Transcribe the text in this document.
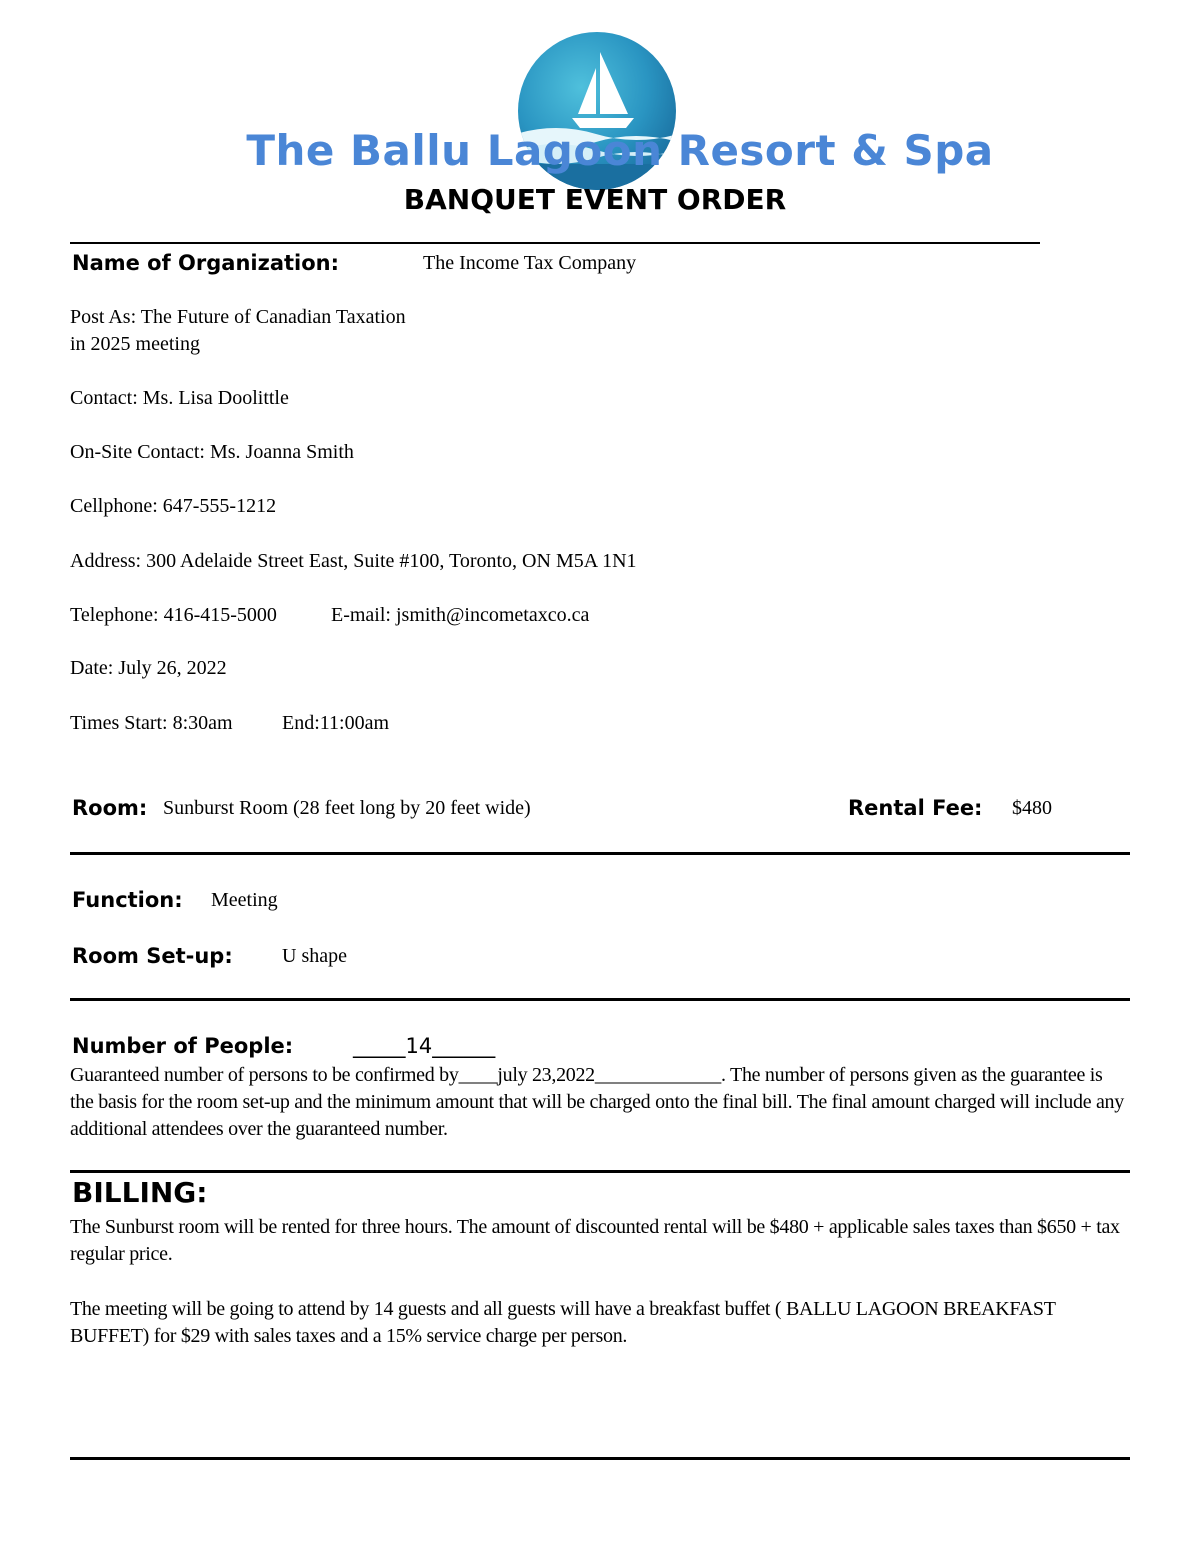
The Ballu Lagoon Resort & Spa
BANQUET EVENT ORDER
Name of Organization:	The Income Tax Company
Post As: The Future of Canadian Taxation
in 2025 meeting
Contact: Ms. Lisa Doolittle
On-Site Contact: Ms. Joanna Smith
Cellphone: 647-555-1212
Address: 300 Adelaide Street East, Suite #100, Toronto, ON M5A 1N1
Telephone: 416-415-5000	E-mail: jsmith@incometaxco.ca
Date: July 26, 2022
Times Start: 8:30am End:11:00am
Room: Sunburst Room (28 feet long by 20 feet wide)	Rental Fee: $480
Function: Meeting
Room Set-up: U shape
Number of People:	_____14______
Guaranteed number of persons to be confirmed by____july 23,2022_____________. The number of persons given as the guarantee is the basis for the room set-up and the minimum amount that will be charged onto the final bill. The final amount charged will include any additional attendees over the guaranteed number.
BILLING:
The Sunburst room will be rented for three hours. The amount of discounted rental will be $480 + applicable sales taxes than $650 + tax regular price.
The meeting will be going to attend by 14 guests and all guests will have a breakfast buffet ( BALLU LAGOON BREAKFAST BUFFET) for $29 with sales taxes and a 15% service charge per person.
